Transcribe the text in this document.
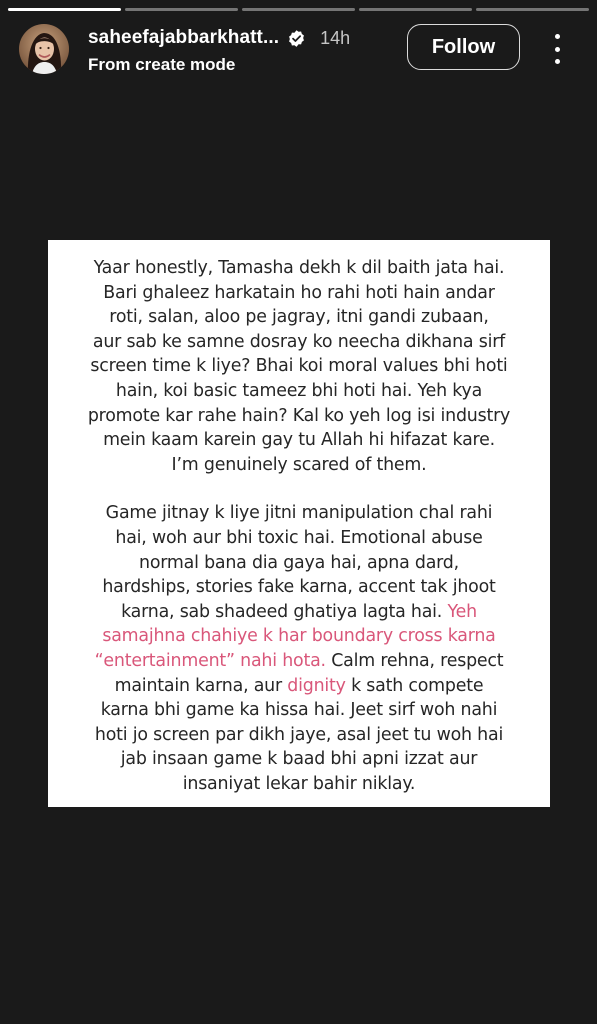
saheefajabbarkhatt... 14h
From create mode
Follow

Yaar honestly, Tamasha dekh k dil baith jata hai.
Bari ghaleez harkatain ho rahi hoti hain andar
roti, salan, aloo pe jagray, itni gandi zubaan,
aur sab ke samne dosray ko neecha dikhana sirf
screen time k liye? Bhai koi moral values bhi hoti
hain, koi basic tameez bhi hoti hai. Yeh kya
promote kar rahe hain? Kal ko yeh log isi industry
mein kaam karein gay tu Allah hi hifazat kare.
I’m genuinely scared of them.

Game jitnay k liye jitni manipulation chal rahi
hai, woh aur bhi toxic hai. Emotional abuse
normal bana dia gaya hai, apna dard,
hardships, stories fake karna, accent tak jhoot
karna, sab shadeed ghatiya lagta hai. Yeh
samajhna chahiye k har boundary cross karna
“entertainment” nahi hota. Calm rehna, respect
maintain karna, aur dignity k sath compete
karna bhi game ka hissa hai. Jeet sirf woh nahi
hoti jo screen par dikh jaye, asal jeet tu woh hai
jab insaan game k baad bhi apni izzat aur
insaniyat lekar bahir niklay.
